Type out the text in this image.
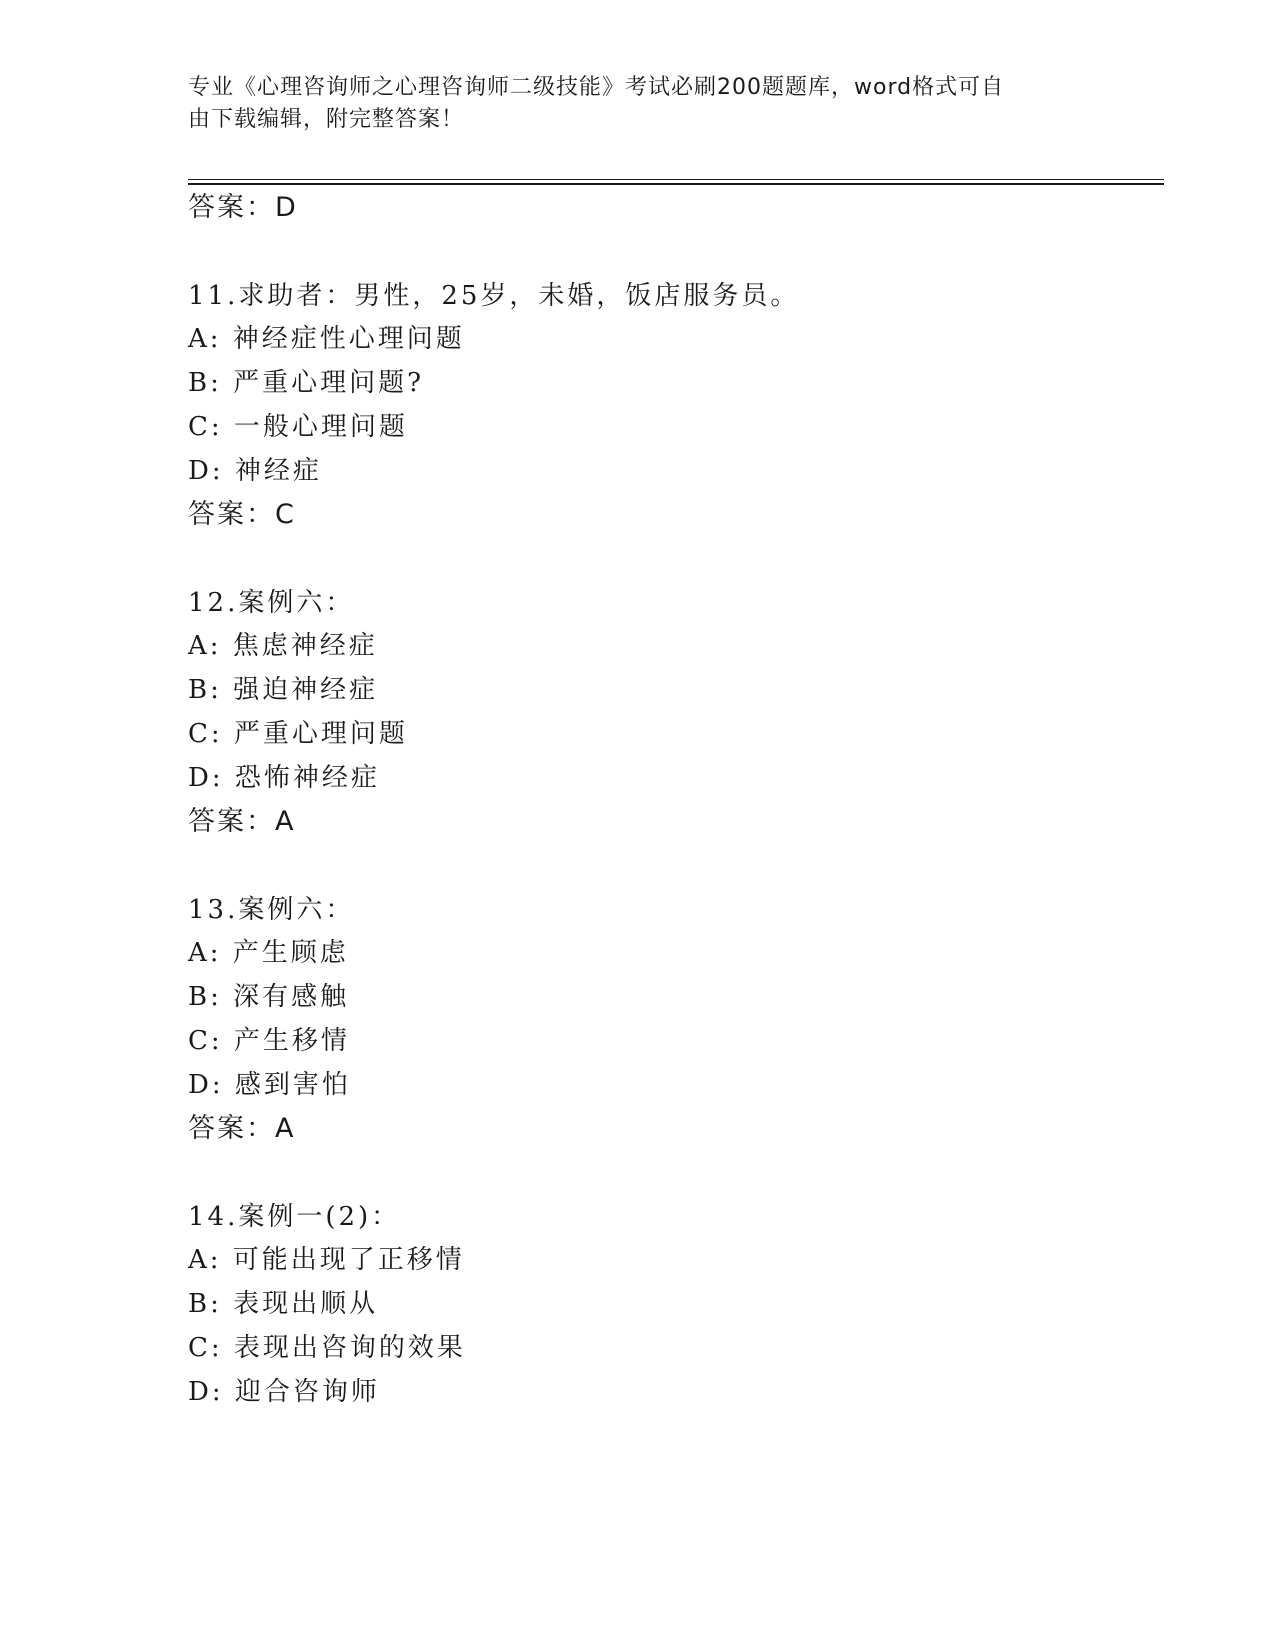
专业《心理咨询师之心理咨询师二级技能》考试必刷200题题库，word格式可自
由下载编辑，附完整答案！
答案：D
11.求助者：男性，25岁，未婚，饭店服务员。
A: 神经症性心理问题
B: 严重心理问题?
C: 一般心理问题
D: 神经症
答案：C
12.案例六：
A: 焦虑神经症
B: 强迫神经症
C: 严重心理问题
D: 恐怖神经症
答案：A
13.案例六：
A: 产生顾虑
B: 深有感触
C: 产生移情
D: 感到害怕
答案：A
14.案例一(2)：
A: 可能出现了正移情
B: 表现出顺从
C: 表现出咨询的效果
D: 迎合咨询师
